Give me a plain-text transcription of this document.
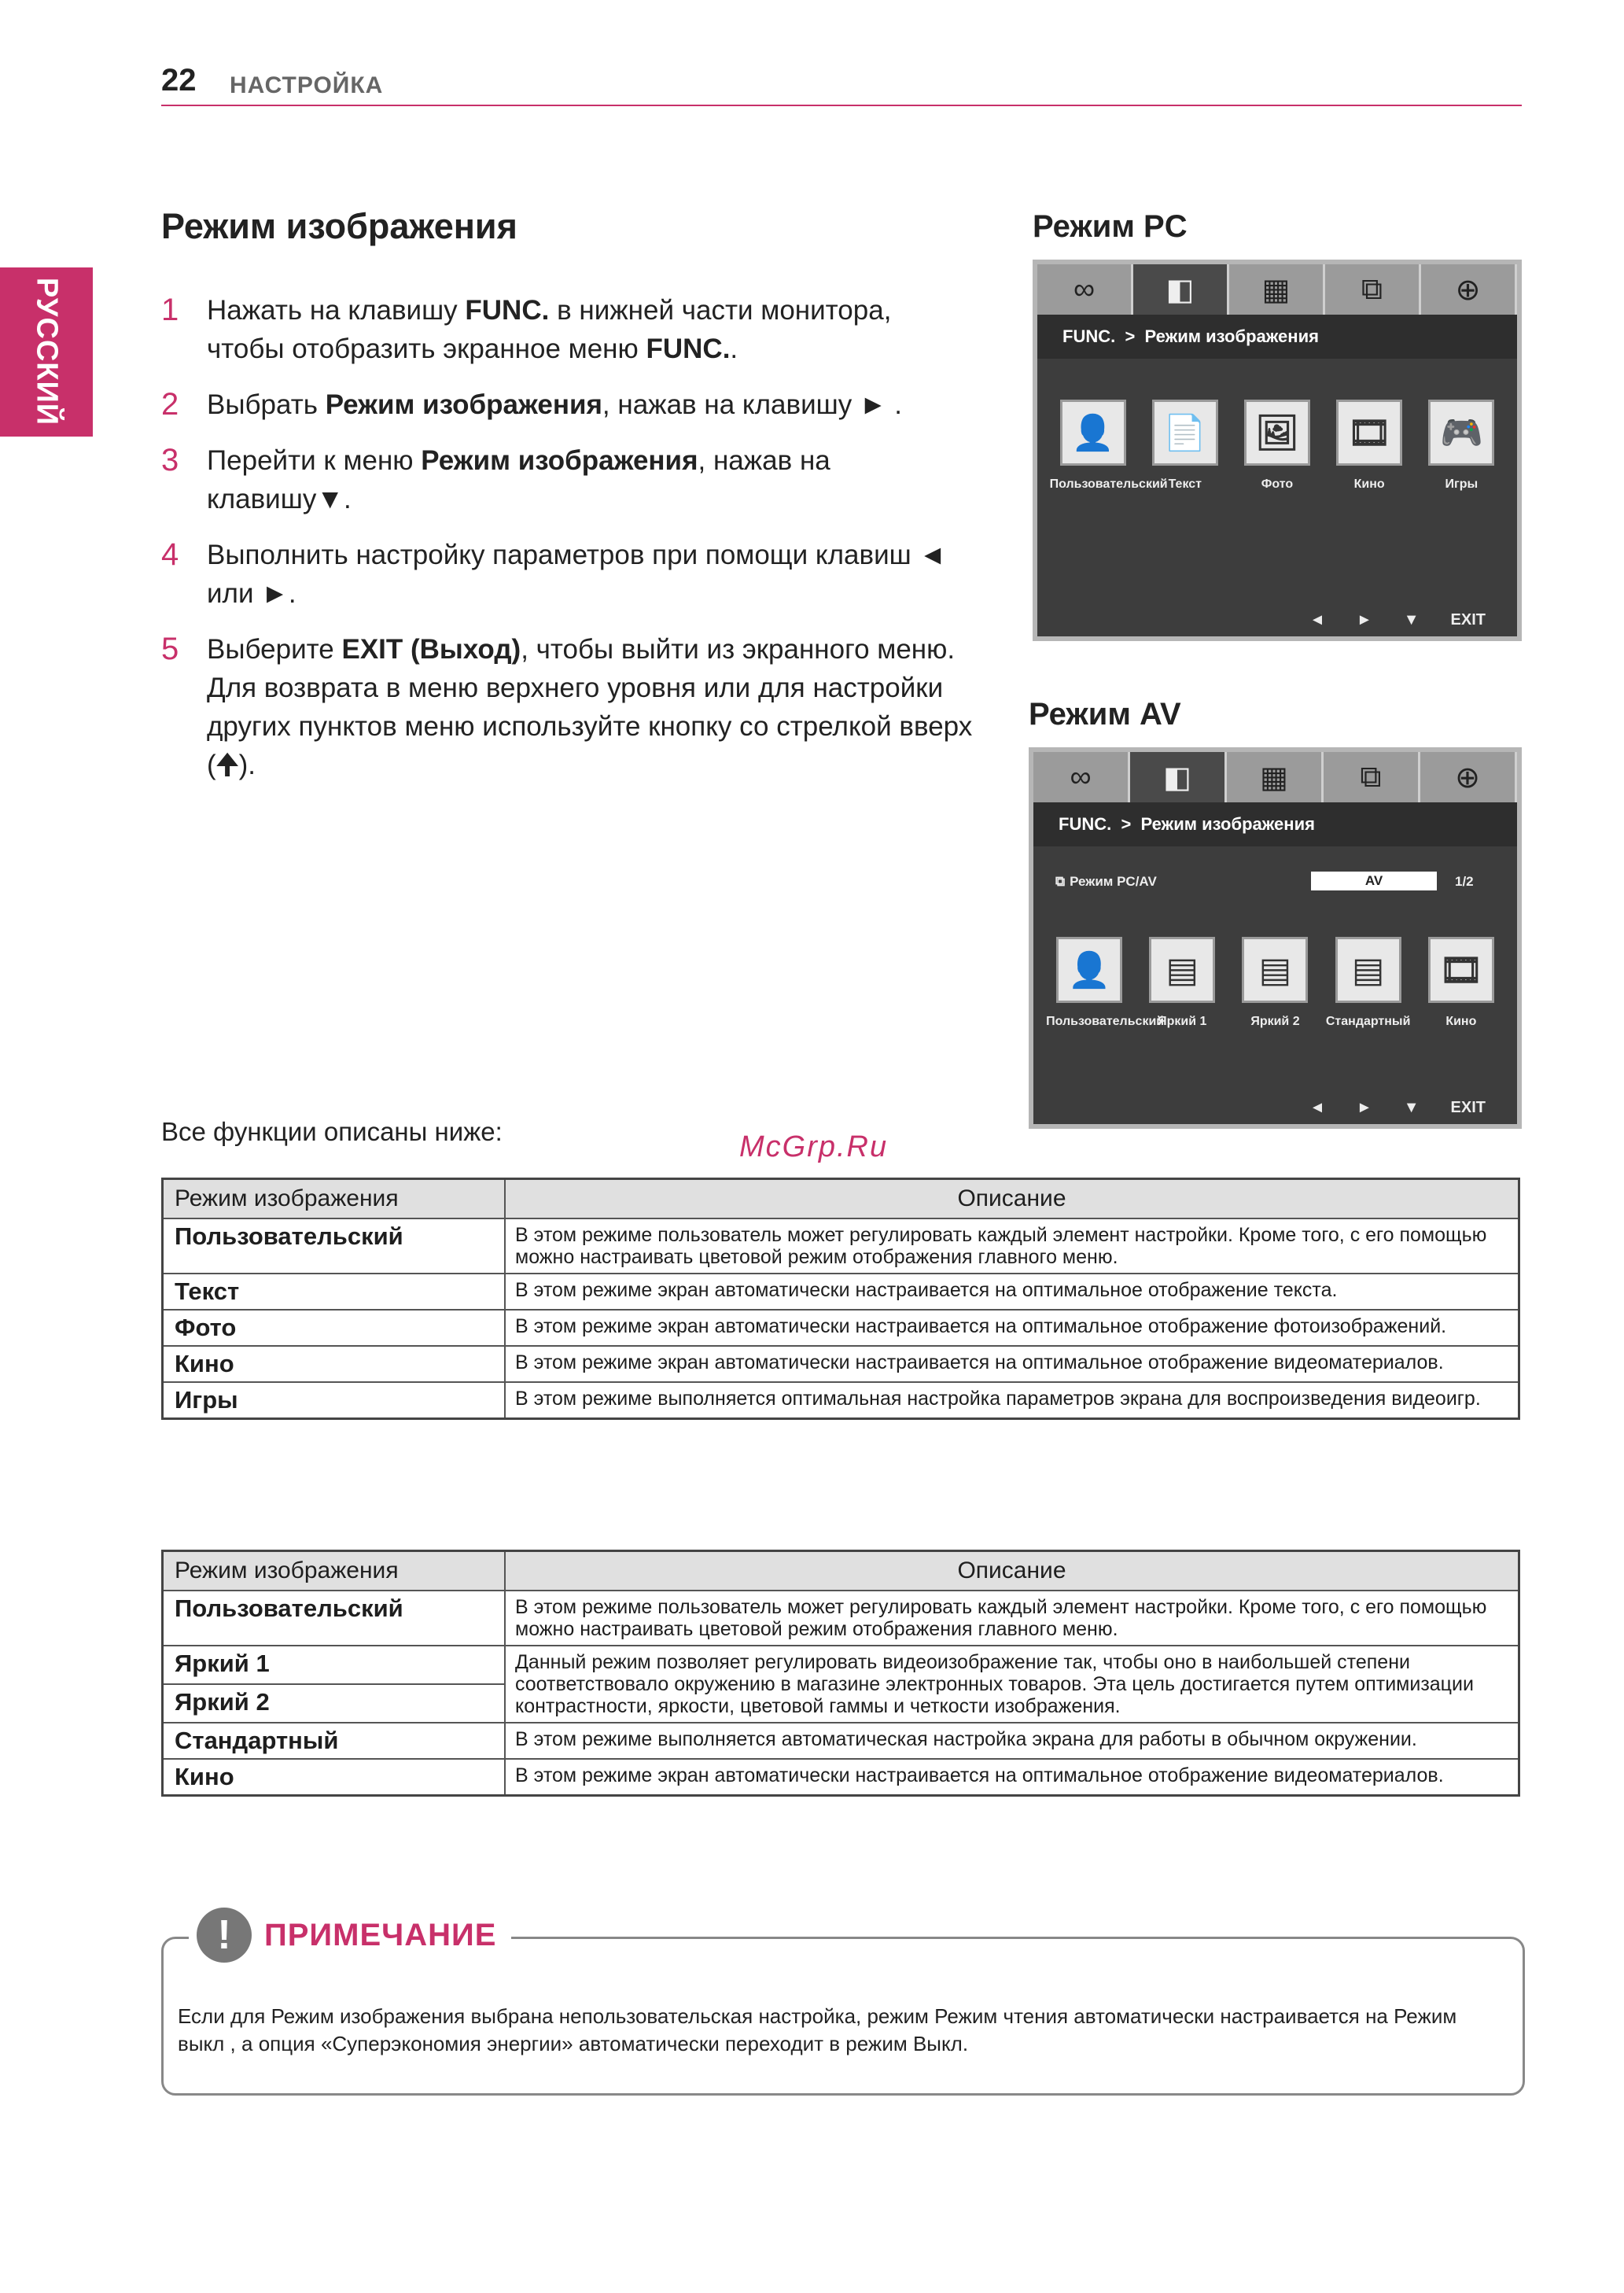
22 НАСТРОЙКА
РУССКИЙ
Режим изображения
1 Нажать на клавишу FUNC. в нижней части монитора, чтобы отобразить экранное меню FUNC..
2 Выбрать Режим изображения, нажав на клавишу ► .
3 Перейти к меню Режим изображения, нажав на клавишу▼.
4 Выполнить настройку параметров при помощи клавиш ◄ или ►.
5 Выберите EXIT (Выход), чтобы выйти из экранного меню. Для возврата в меню верхнего уровня или для настройки других пунктов меню используйте кнопку со стрелкой вверх (🠉).
Режим PC
∞ ◧ ▦ ⧉ ⊕
FUNC.
>
Режим изображения
👤
Пользовательский
📄
Текст
🖼
Фото
🎞
Кино
🎮
Игры
◄ ► ▼ EXIT
Режим AV
∞ ◧ ▦ ⧉ ⊕
FUNC.
>
Режим изображения
⧉ Режим PC/AV	AV	1/2
👤
Пользовательский
▤
Яркий 1
▤
Яркий 2
▤
Стандартный
🎞
Кино
◄ ► ▼ EXIT
Все функции описаны ниже:	McGrp.Ru
Режим изображения	Описание
Пользовательский	В этом режиме пользователь может регулировать каждый элемент настройки. Кроме того, с его помощью можно настраивать цветовой режим отображения главного меню.
Текст	В этом режиме экран автоматически настраивается на оптимальное отображение текста.
Фото	В этом режиме экран автоматически настраивается на оптимальное отображение фотоизображений.
Кино	В этом режиме экран автоматически настраивается на оптимальное отображение видеоматериалов.
Игры	В этом режиме выполняется оптимальная настройка параметров экрана для воспроизведения видеоигр.
Режим изображения	Описание
Пользовательский	В этом режиме пользователь может регулировать каждый элемент настройки. Кроме того, с его помощью можно настраивать цветовой режим отображения главного меню.
Яркий 1	Данный режим позволяет регулировать видеоизображение так, чтобы оно в наибольшей степени соответствовало окружению в магазине электронных товаров. Эта цель достигается путем оптимизации контрастности, яркости, цветовой гаммы и четкости изображения.
Яркий 2	
Стандартный	В этом режиме выполняется автоматическая настройка экрана для работы в обычном окружении.
Кино	В этом режиме экран автоматически настраивается на оптимальное отображение видеоматериалов.
!	ПРИМЕЧАНИЕ
Если для Режим изображения выбрана непользовательская настройка, режим Режим чтения автоматически настраивается на Режим выкл , а опция «Суперэкономия энергии» автоматически переходит в режим Выкл.
